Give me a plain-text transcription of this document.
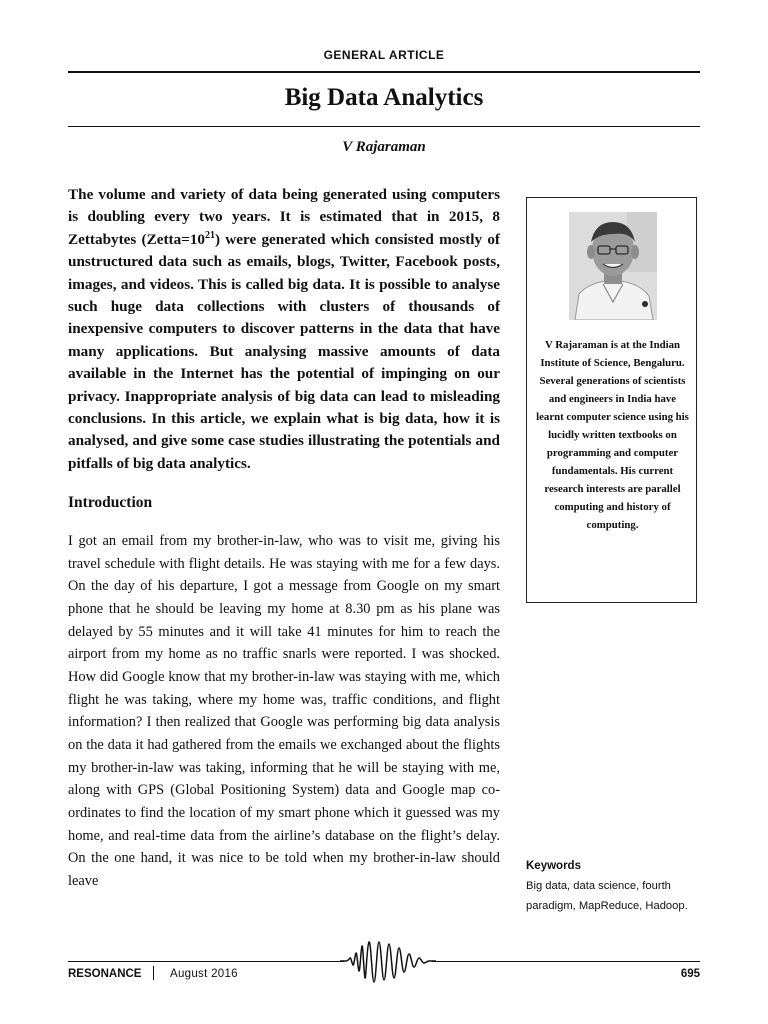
GENERAL ARTICLE
Big Data Analytics
V Rajaraman

The volume and variety of data being generated using computers is doubling every two years. It is estimated that in 2015, 8 Zettabytes $(Zetta=10^{21})$ were generated which consisted mostly of unstructured data such as emails, blogs, Twitter, Facebook posts, images, and videos. This is called big data. It is possible to analyse such huge data collections with clusters of thousands of inexpensive computers to discover patterns in the data that have many applications. But analysing massive amounts of data available in the Internet has the potential of impinging on our privacy. Inappropriate analysis of big data can lead to misleading conclusions. In this article, we explain what is big data, how it is analysed, and give some case studies illustrating the potentials and pitfalls of big data analytics.

Introduction

I got an email from my brother-in-law, who was to visit me, giving his travel schedule with flight details. He was staying with me for a few days. On the day of his departure, I got a message from Google on my smart phone that he should be leaving my home at 8.30 pm as his plane was delayed by 55 minutes and it will take 41 minutes for him to reach the airport from my home as no traffic snarls were reported. I was shocked. How did Google know that my brother-in-law was staying with me, which flight he was taking, where my home was, traffic conditions, and flight information? I then realized that Google was performing big data analysis on the data it had gathered from the emails we exchanged about the flights my brother-in-law was taking, informing that he will be staying with me, along with GPS (Global Positioning System) data and Google map co-ordinates to find the location of my smart phone which it guessed was my home, and real-time data from the airline’s database on the flight’s delay. On the one hand, it was nice to be told when my brother-in-law should leave

V Rajaraman is at the Indian Institute of Science, Bengaluru. Several generations of scientists and engineers in India have learnt computer science using his lucidly written textbooks on programming and computer fundamentals. His current research interests are parallel computing and history of computing.

Keywords

Big data, data science, fourth paradigm, MapReduce, Hadoop.

RESONANCE August 2016	695
